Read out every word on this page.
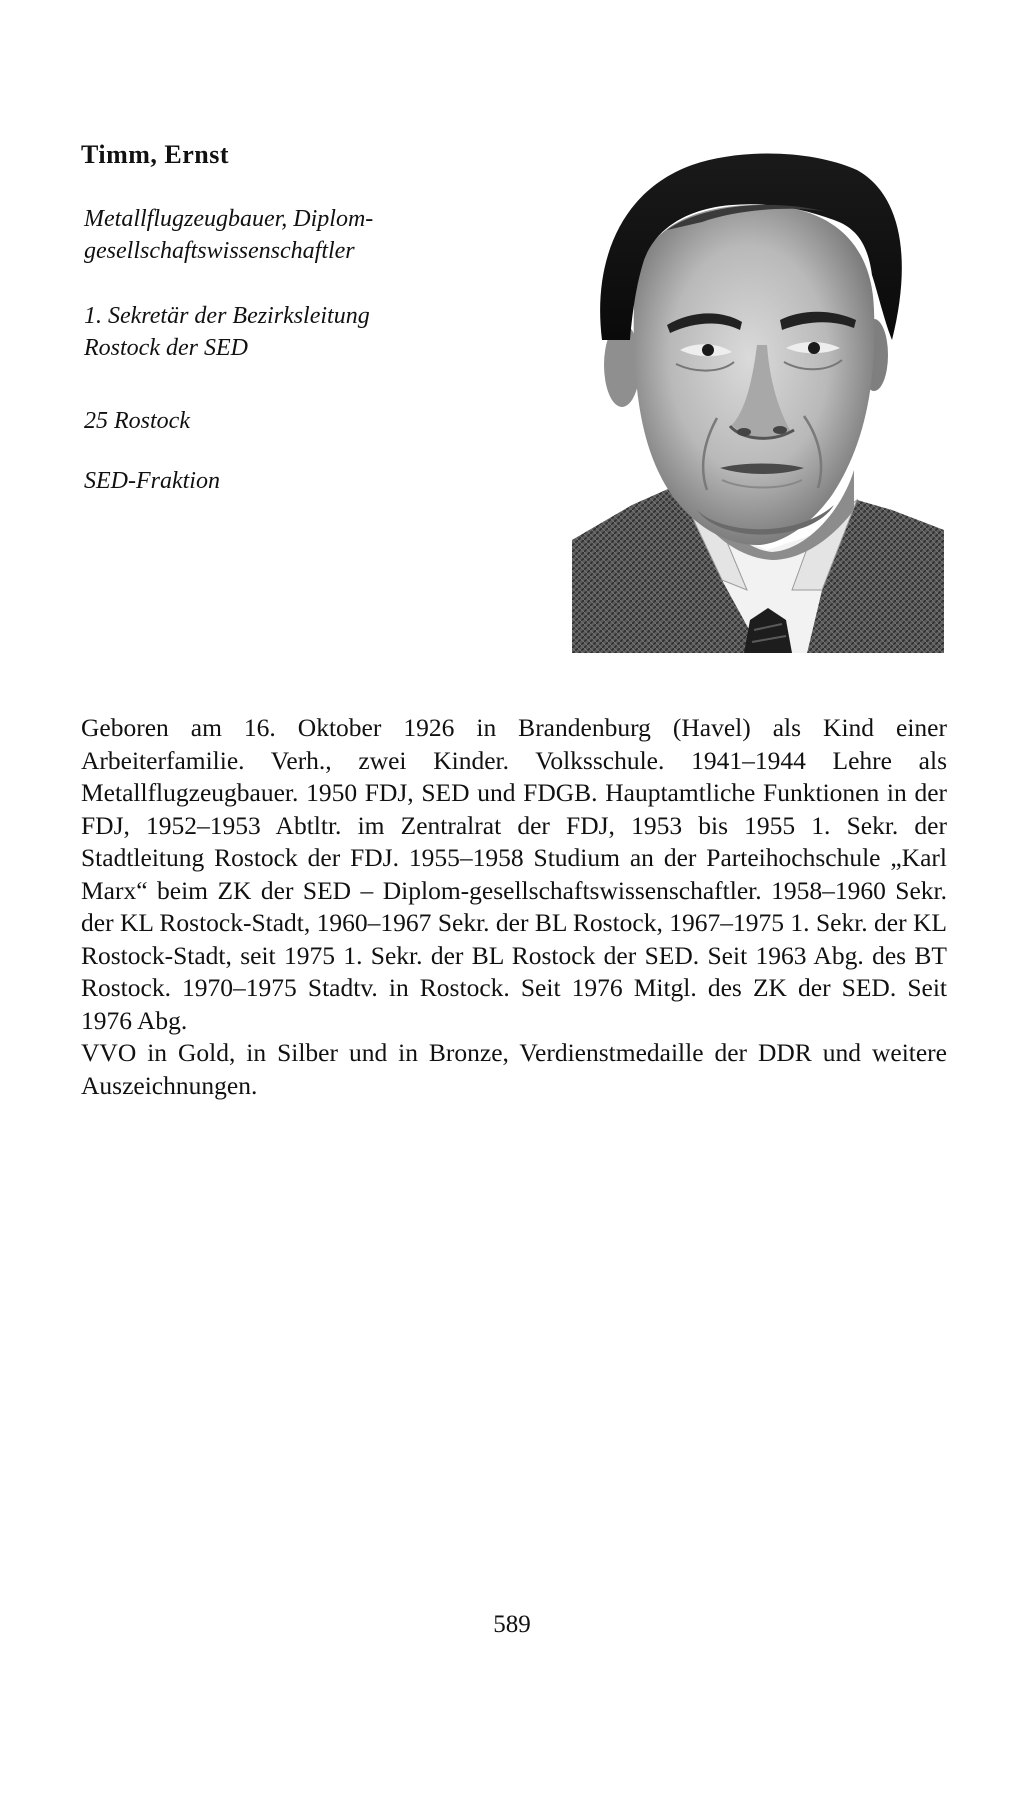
Timm, Ernst
Metallflugzeugbauer, Diplom-gesellschaftswissenschaftler
1. Sekretär der Bezirksleitung Rostock der SED
25 Rostock
SED-Fraktion

Geboren am 16. Oktober 1926 in Brandenburg (Havel) als Kind einer Arbeiterfamilie. Verh., zwei Kinder. Volksschule. 1941–1944 Lehre als Metallflugzeugbauer. 1950 FDJ, SED und FDGB. Hauptamtliche Funktionen in der FDJ, 1952–1953 Abtltr. im Zentralrat der FDJ, 1953 bis 1955 1. Sekr. der Stadtleitung Rostock der FDJ. 1955–1958 Studium an der Parteihochschule „Karl Marx“ beim ZK der SED – Diplom-gesellschaftswissenschaftler. 1958–1960 Sekr. der KL Rostock-Stadt, 1960–1967 Sekr. der BL Rostock, 1967–1975 1. Sekr. der KL Rostock-Stadt, seit 1975 1. Sekr. der BL Rostock der SED. Seit 1963 Abg. des BT Rostock. 1970–1975 Stadtv. in Rostock. Seit 1976 Mitgl. des ZK der SED. Seit 1976 Abg.

VVO in Gold, in Silber und in Bronze, Verdienstmedaille der DDR und weitere Auszeichnungen.

589
